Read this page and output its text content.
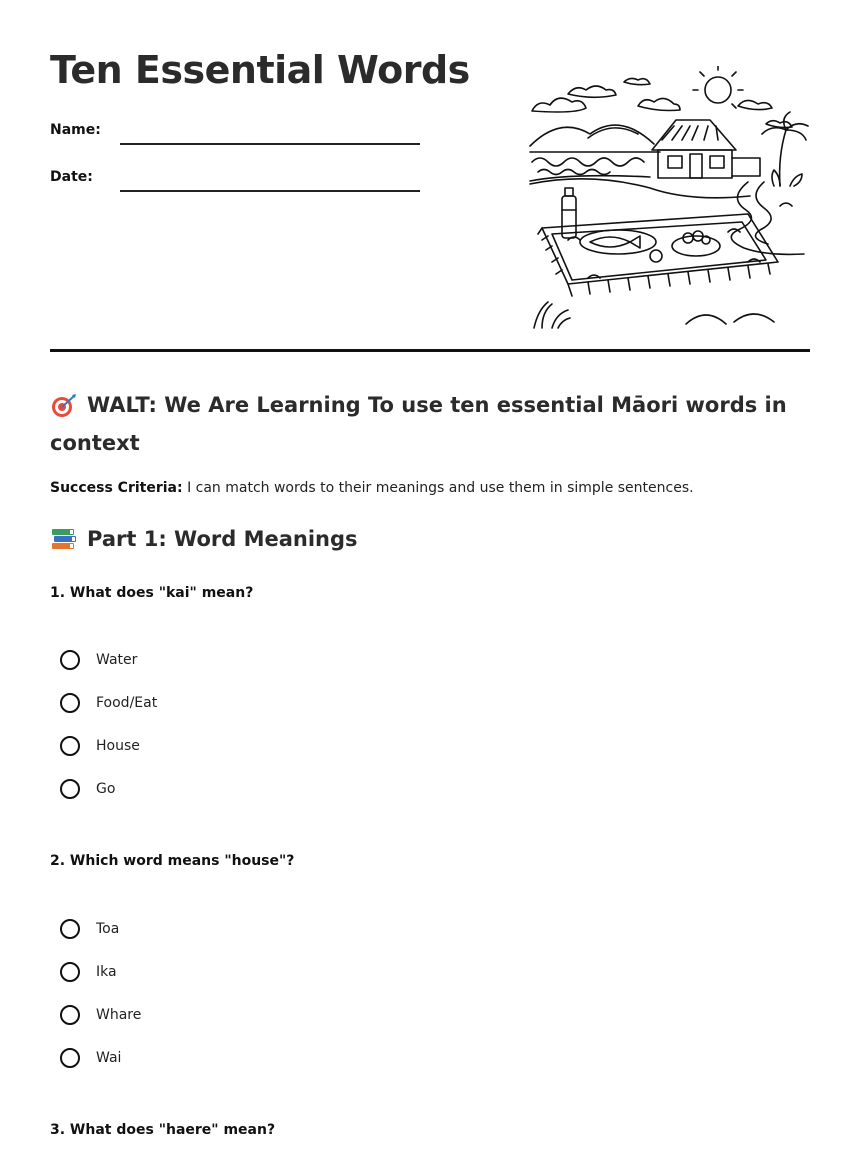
Ten Essential Words
Name:
Date:
WALT: We Are Learning To use ten essential Māori words in context
Success Criteria: I can match words to their meanings and use them in simple sentences.
Part 1: Word Meanings
1. What does "kai" mean?
Water
Food/Eat
House
Go
2. Which word means "house"?
Toa
Ika
Whare
Wai
3. What does "haere" mean?
